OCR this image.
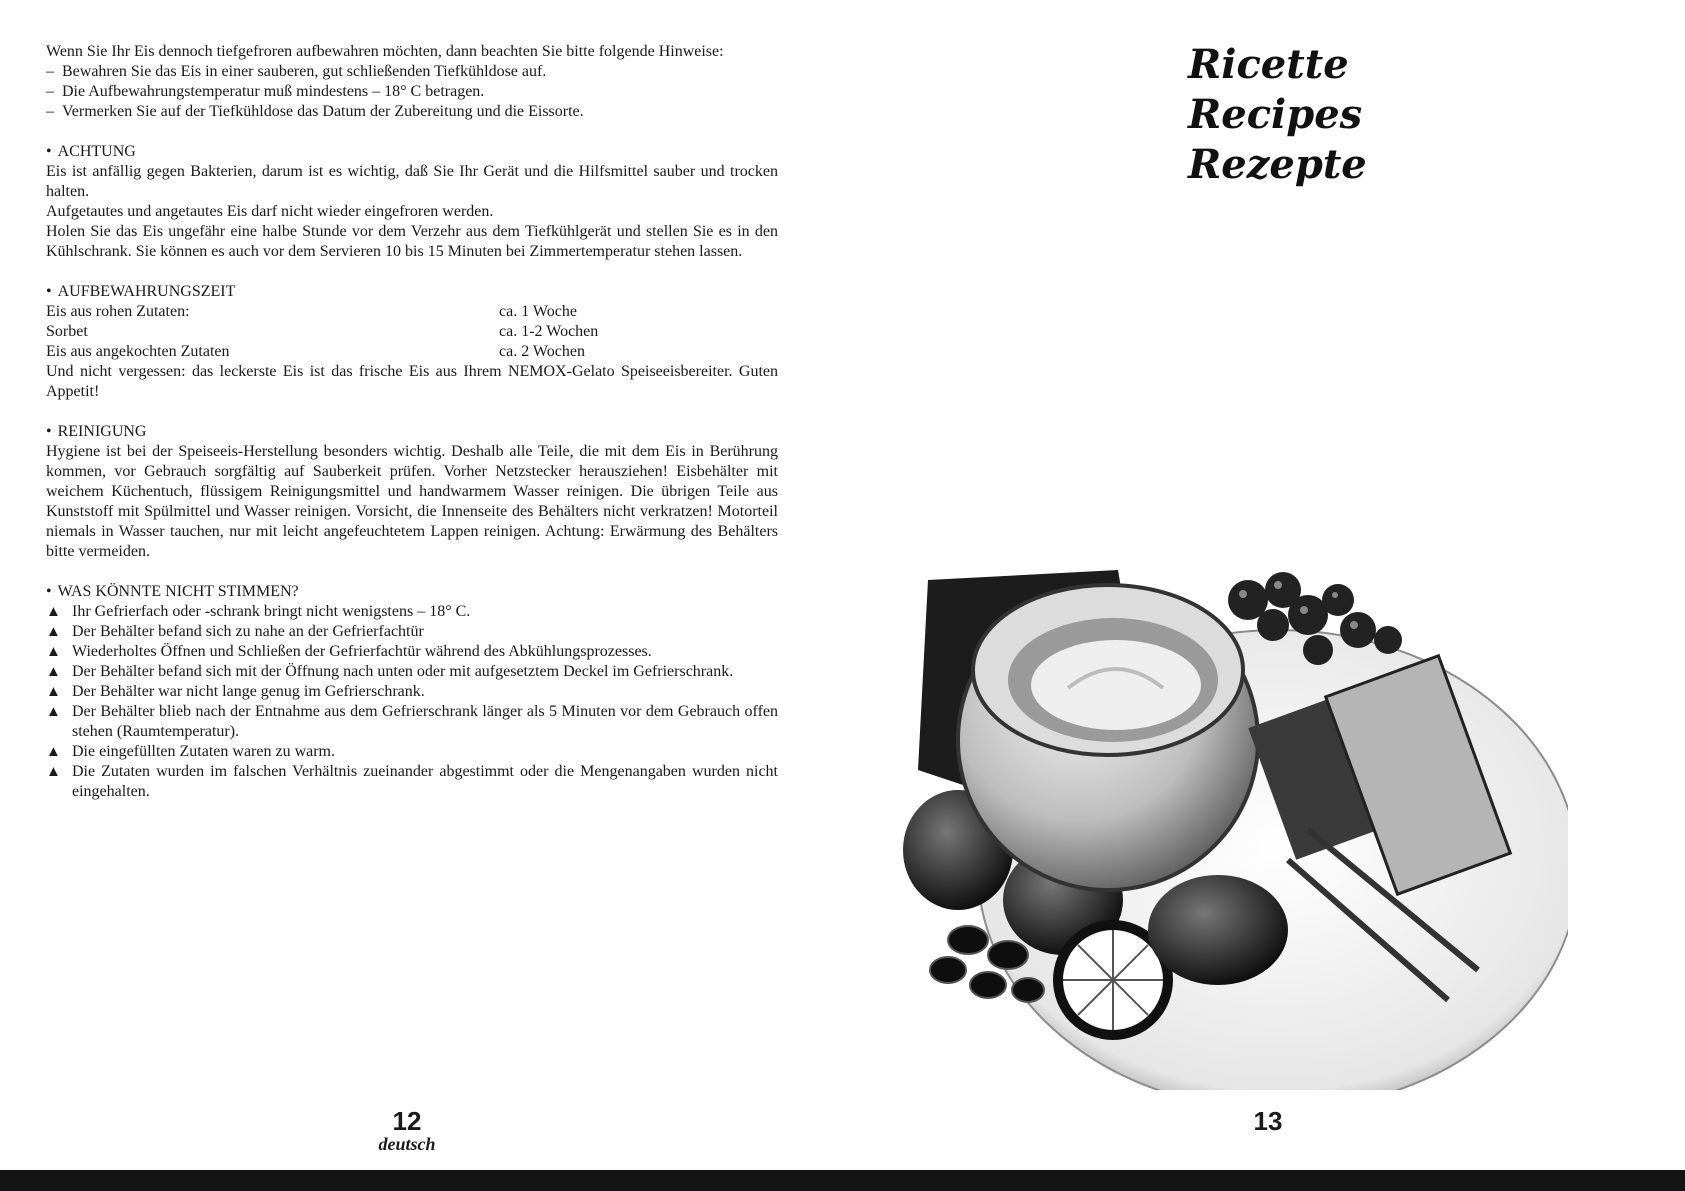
Wenn Sie Ihr Eis dennoch tiefgefroren aufbewahren möchten, dann beachten Sie bitte folgende Hinweise:

– Bewahren Sie das Eis in einer sauberen, gut schließenden Tiefkühldose auf.
– Die Aufbewahrungstemperatur muß mindestens – 18° C betragen.
– Vermerken Sie auf der Tiefkühldose das Datum der Zubereitung und die Eissorte.
• ACHTUNG

Eis ist anfällig gegen Bakterien, darum ist es wichtig, daß Sie Ihr Gerät und die Hilfsmittel sauber und trocken halten.

Aufgetautes und angetautes Eis darf nicht wieder eingefroren werden.

Holen Sie das Eis ungefähr eine halbe Stunde vor dem Verzehr aus dem Tiefkühlgerät und stellen Sie es in den Kühlschrank. Sie können es auch vor dem Servieren 10 bis 15 Minuten bei Zimmertemperatur stehen lassen.

• AUFBEWAHRUNGSZEIT
Eis aus rohen Zutaten:	ca. 1 Woche
Sorbet	ca. 1-2 Wochen
Eis aus angekochten Zutaten	ca. 2 Wochen

Und nicht vergessen: das leckerste Eis ist das frische Eis aus Ihrem NEMOX-Gelato Speiseeisbereiter. Guten Appetit!

• REINIGUNG

Hygiene ist bei der Speiseeis-Herstellung besonders wichtig. Deshalb alle Teile, die mit dem Eis in Berührung kommen, vor Gebrauch sorgfältig auf Sauberkeit prüfen. Vorher Netzstecker herausziehen! Eisbehälter mit weichem Küchentuch, flüssigem Reinigungsmittel und handwarmem Wasser reinigen. Die übrigen Teile aus Kunststoff mit Spülmittel und Wasser reinigen. Vorsicht, die Innenseite des Behälters nicht verkratzen! Motorteil niemals in Wasser tauchen, nur mit leicht angefeuchtetem Lappen reinigen. Achtung: Erwärmung des Behälters bitte vermeiden.

• WAS KÖNNTE NICHT STIMMEN?
▲ Ihr Gefrierfach oder -schrank bringt nicht wenigstens – 18° C.
▲ Der Behälter befand sich zu nahe an der Gefrierfachtür
▲ Wiederholtes Öffnen und Schließen der Gefrierfachtür während des Abkühlungsprozesses.
▲ Der Behälter befand sich mit der Öffnung nach unten oder mit aufgesetztem Deckel im Gefrierschrank.
▲ Der Behälter war nicht lange genug im Gefrierschrank.
▲ Der Behälter blieb nach der Entnahme aus dem Gefrierschrank länger als 5 Minuten vor dem Gebrauch offen stehen (Raumtemperatur).
▲ Die eingefüllten Zutaten waren zu warm.
▲ Die Zutaten wurden im falschen Verhältnis zueinander abgestimmt oder die Mengenangaben wurden nicht eingehalten.
12
deutsch
Ricette
Recipes
Rezepte
13
